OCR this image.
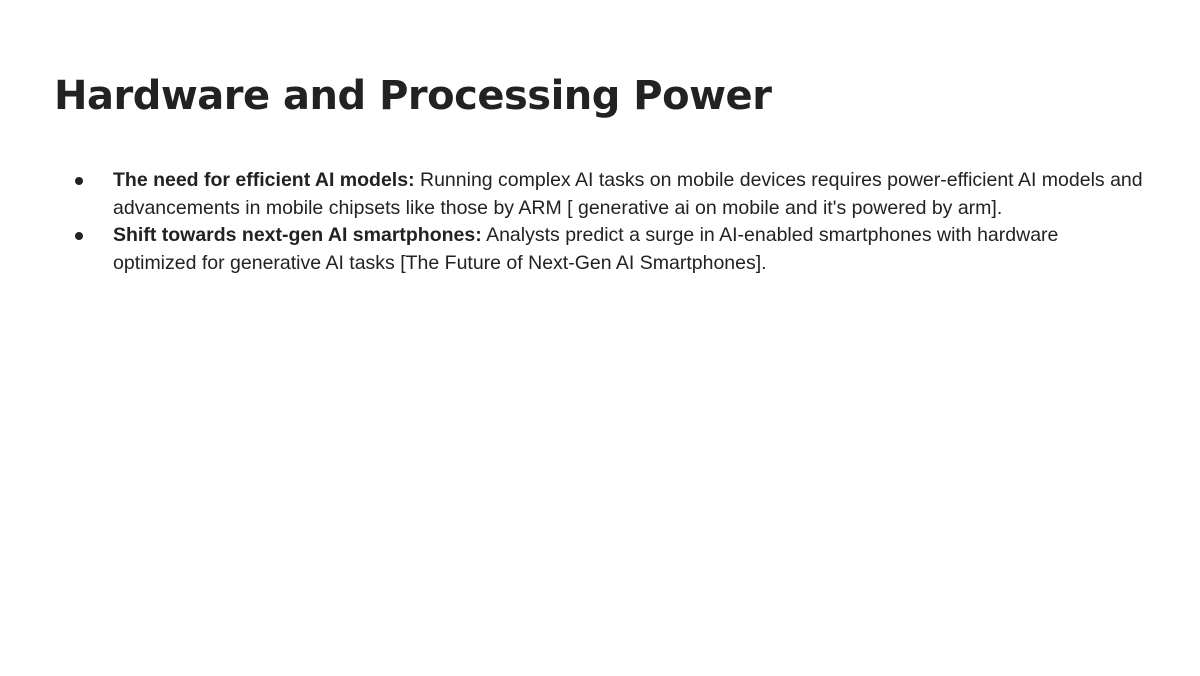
Hardware and Processing Power
The need for efficient AI models: Running complex AI tasks on mobile devices requires power-efficient AI models and advancements in mobile chipsets like those by ARM [ generative ai on mobile and it's powered by arm].
Shift towards next-gen AI smartphones: Analysts predict a surge in AI-enabled smartphones with hardware optimized for generative AI tasks [The Future of Next-Gen AI Smartphones].
